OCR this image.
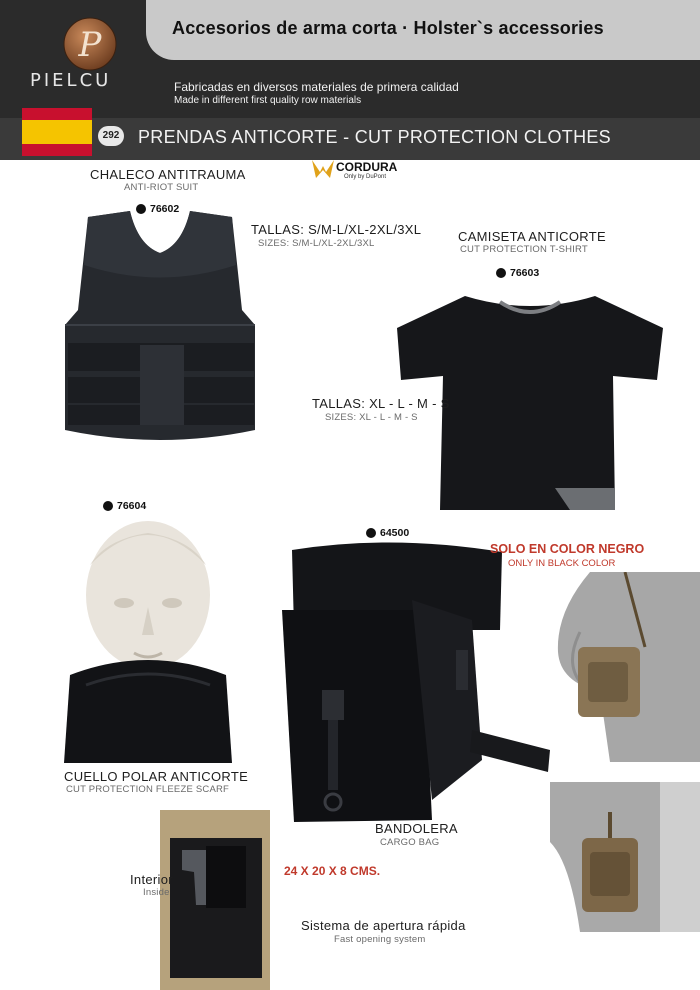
Accesorios de arma corta · Holster`s accessories
Fabricadas en diversos materiales de primera calidad
Made in different first quality row materials
P
PIELCU
292 PRENDAS ANTICORTE - CUT PROTECTION CLOTHES
CHALECO ANTITRAUMA
ANTI-RIOT SUIT
76602
CORDURA
Only by DuPont
TALLAS: S/M-L/XL-2XL/3XL
SIZES: S/M-L/XL-2XL/3XL	CAMISETA ANTICORTE
CUT PROTECTION T-SHIRT
76603
TALLAS: XL - L - M - S
SIZES: XL - L - M - S
76604
CUELLO POLAR ANTICORTE
CUT PROTECTION FLEEZE SCARF
64500
SOLO EN COLOR NEGRO
ONLY IN BLACK COLOR
BANDOLERA
CARGO BAG
24 X 20 X 8 CMS.
Interior
Inside
Sistema de apertura rápida
Fast opening system
